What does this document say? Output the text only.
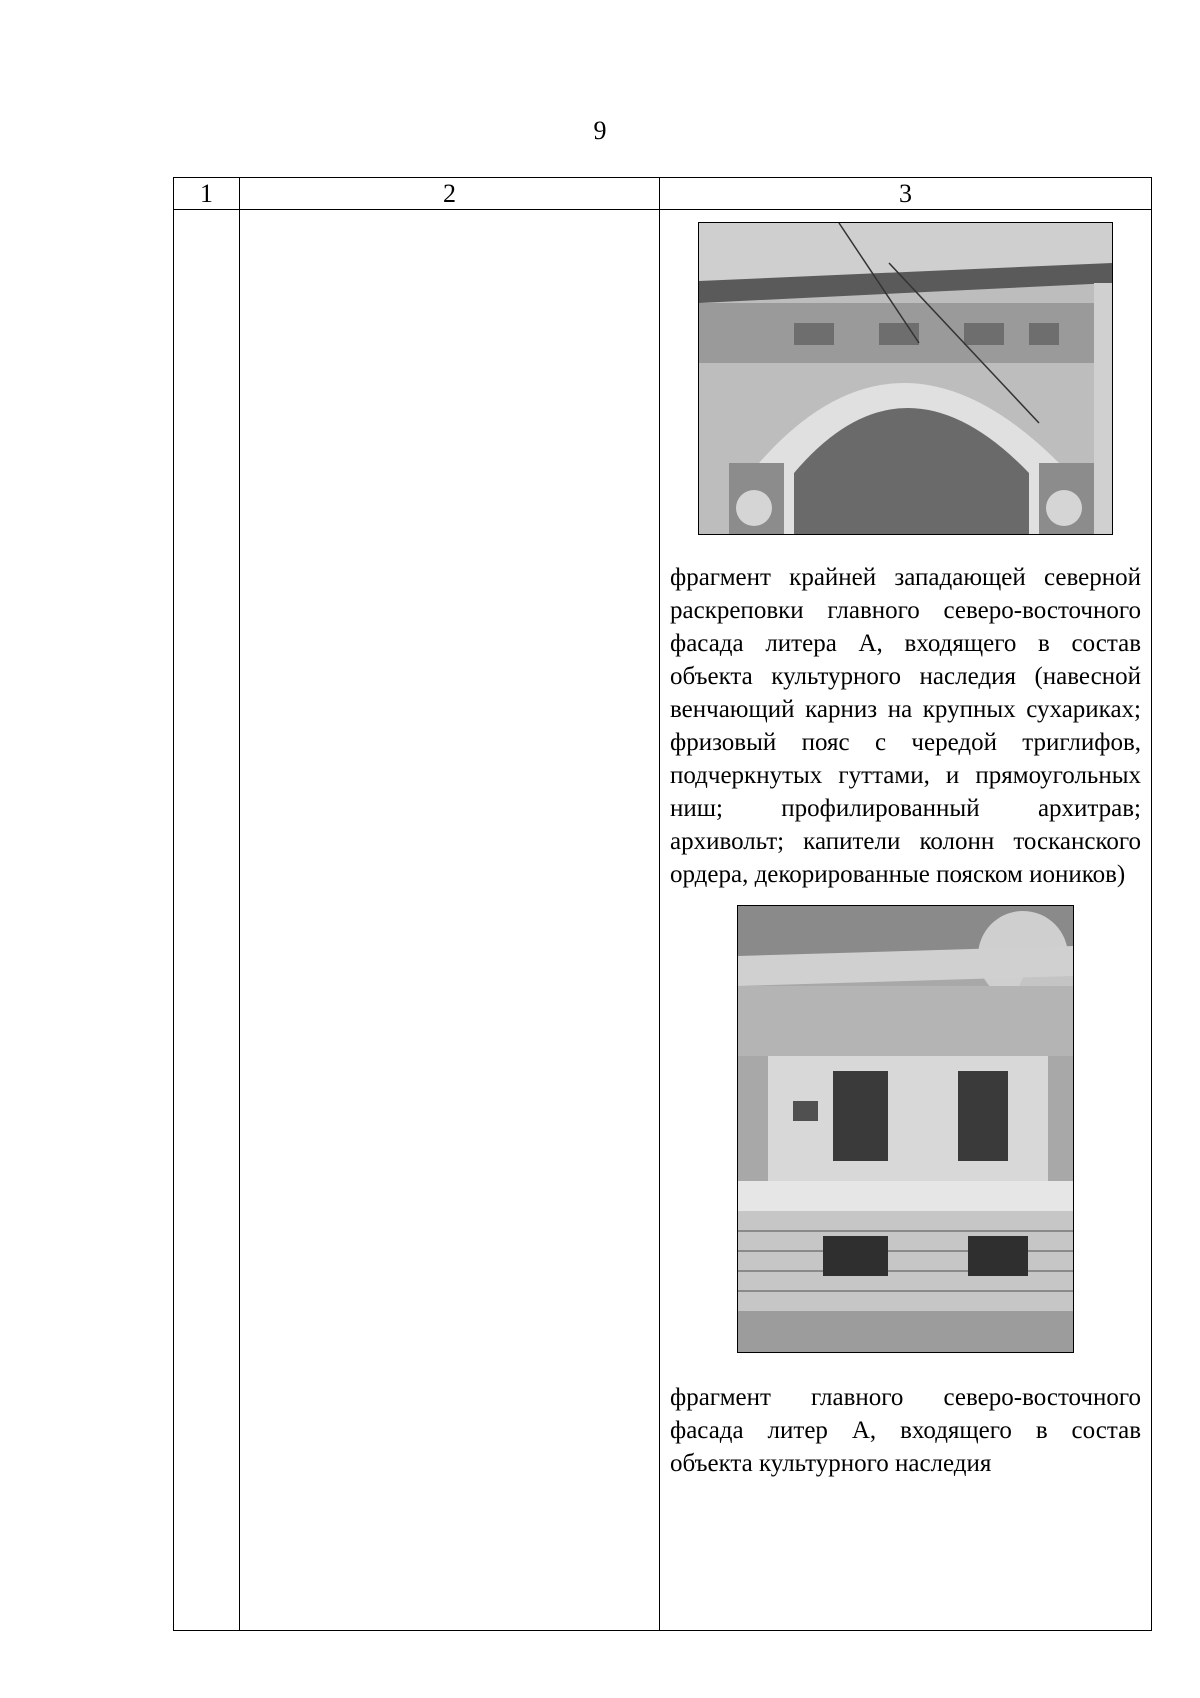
9
1	2	3

		фрагмент крайней западающей северной раскреповки главного северо-восточного фасада литера А, входящего в состав объекта культурного наследия (навесной венчающий карниз на крупных сухариках; фризовый пояс с чередой триглифов, подчеркнутых гуттами, и прямоугольных ниш; профилированный архитрав; архивольт; капители колонн тосканского ордера, декорированные пояском иоников)

фрагмент главного северо-восточного фасада литер А, входящего в состав объекта культурного наследия
